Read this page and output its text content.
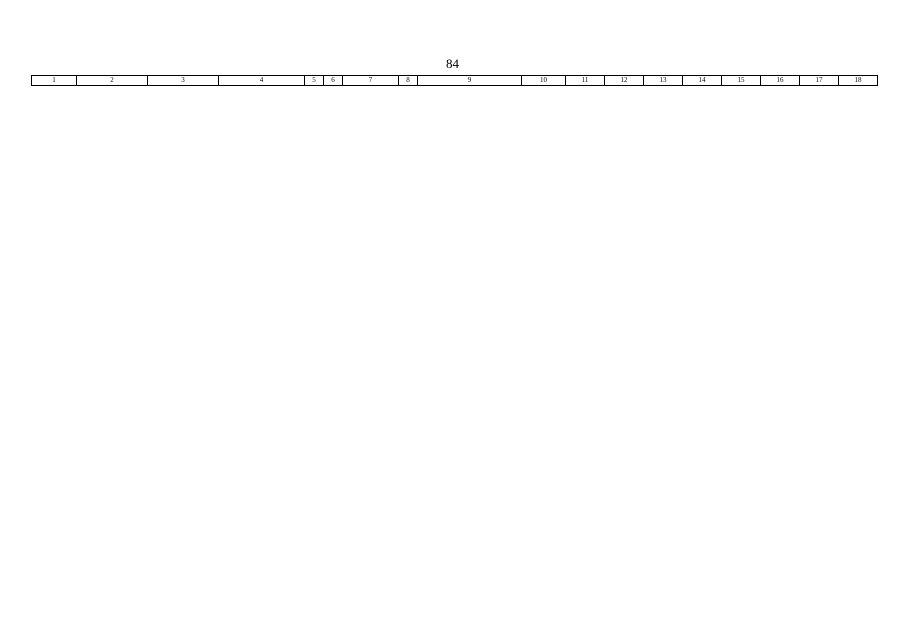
84
1	2	3	4	5	6	7	8	9	10	11	12	13	14	15	16	17	18
